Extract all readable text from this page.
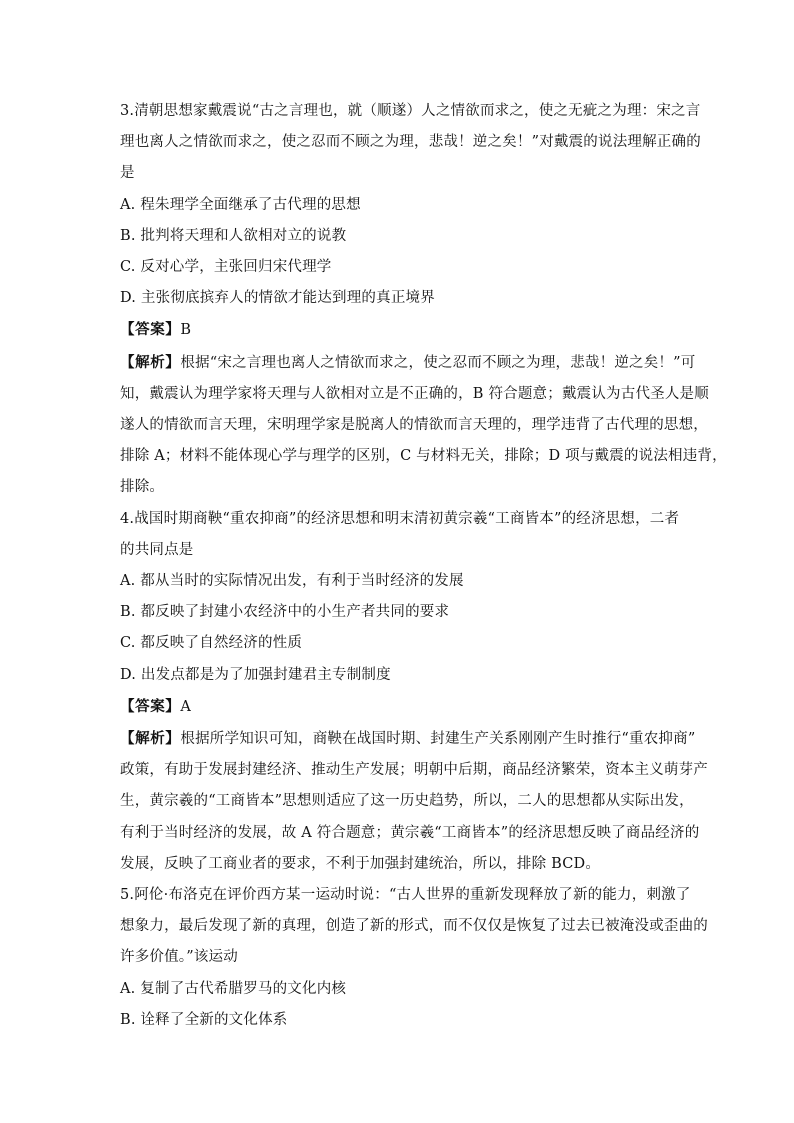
3.清朝思想家戴震说“古之言理也，就（顺遂）人之情欲而求之，使之无疵之为理：宋之言
理也离人之情欲而求之，使之忍而不顾之为理，悲哉！逆之矣！”对戴震的说法理解正确的
是
A. 程朱理学全面继承了古代理的思想
B. 批判将天理和人欲相对立的说教
C. 反对心学，主张回归宋代理学
D. 主张彻底摈弃人的情欲才能达到理的真正境界
【答案】B
【解析】根据“宋之言理也离人之情欲而求之，使之忍而不顾之为理，悲哉！逆之矣！”可
知，戴震认为理学家将天理与人欲相对立是不正确的，B 符合题意；戴震认为古代圣人是顺
遂人的情欲而言天理，宋明理学家是脱离人的情欲而言天理的，理学违背了古代理的思想，
排除 A；材料不能体现心学与理学的区别，C 与材料无关，排除；D 项与戴震的说法相违背，
排除。
4.战国时期商鞅“重农抑商”的经济思想和明末清初黄宗羲“工商皆本”的经济思想，二者
的共同点是
A. 都从当时的实际情况出发，有利于当时经济的发展
B. 都反映了封建小农经济中的小生产者共同的要求
C. 都反映了自然经济的性质
D. 出发点都是为了加强封建君主专制制度
【答案】A
【解析】根据所学知识可知，商鞅在战国时期、封建生产关系刚刚产生时推行“重农抑商”
政策，有助于发展封建经济、推动生产发展；明朝中后期，商品经济繁荣，资本主义萌芽产
生，黄宗羲的“工商皆本”思想则适应了这一历史趋势，所以，二人的思想都从实际出发，
有利于当时经济的发展，故 A 符合题意；黄宗羲“工商皆本”的经济思想反映了商品经济的
发展，反映了工商业者的要求，不利于加强封建统治，所以，排除 BCD。
5.阿伦·布洛克在评价西方某一运动时说：“古人世界的重新发现释放了新的能力，刺激了
想象力，最后发现了新的真理，创造了新的形式，而不仅仅是恢复了过去已被淹没或歪曲的
许多价值。”该运动
A. 复制了古代希腊罗马的文化内核
B. 诠释了全新的文化体系
